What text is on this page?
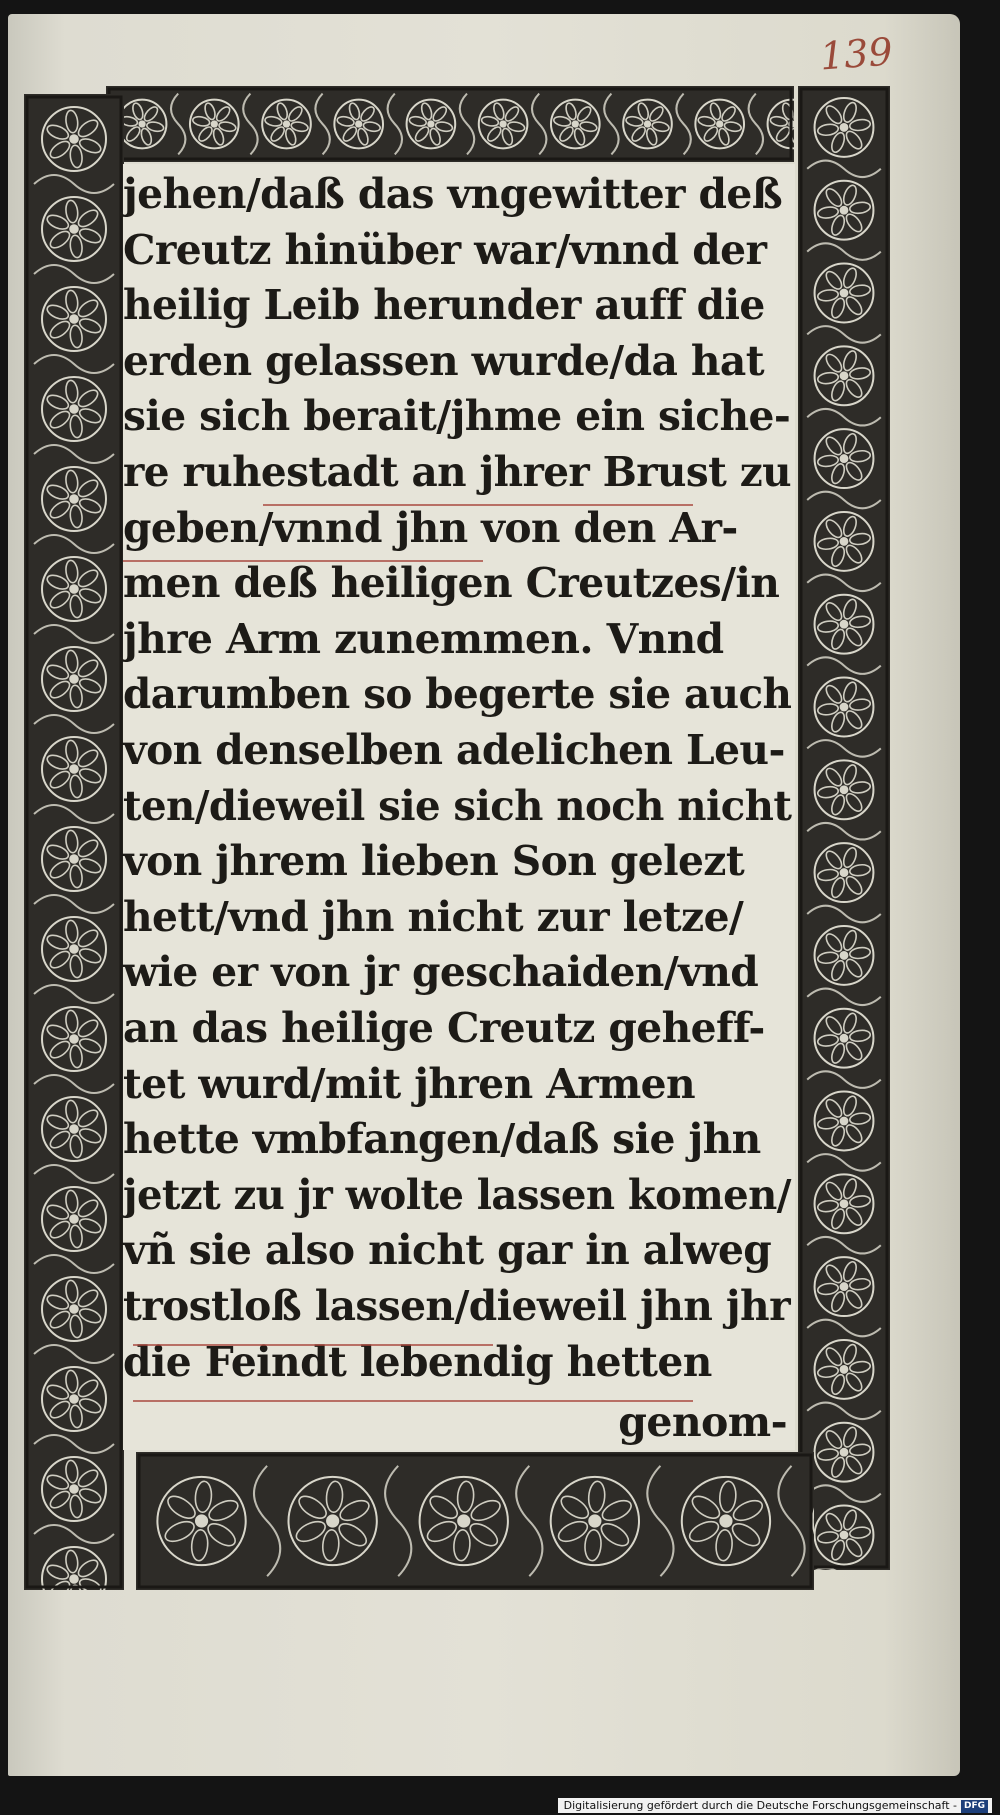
139
jehen/daß das vngewitter deß
Creutz hinüber war/vnnd der
heilig Leib herunder auff die
erden gelassen wurde/da hat
sie sich berait/jhme ein siche-
re ruhestadt an jhrer Brust zu
geben/vnnd jhn von den Ar-
men deß heiligen Creutzes/in
jhre Arm zunemmen. Vnnd
darumben so begerte sie auch
von denselben adelichen Leu-
ten/dieweil sie sich noch nicht
von jhrem lieben Son gelezt
hett/vnd jhn nicht zur letze/
wie er von jr geschaiden/vnd
an das heilige Creutz geheff-
tet wurd/mit jhren Armen
hette vmbfangen/daß sie jhn
jetzt zu jr wolte lassen komen/
vñ sie also nicht gar in alweg
trostloß lassen/dieweil jhn jhr
die Feindt lebendig hetten
genom-
Digitalisierung gefördert durch die Deutsche Forschungsgemeinschaft - DFG
